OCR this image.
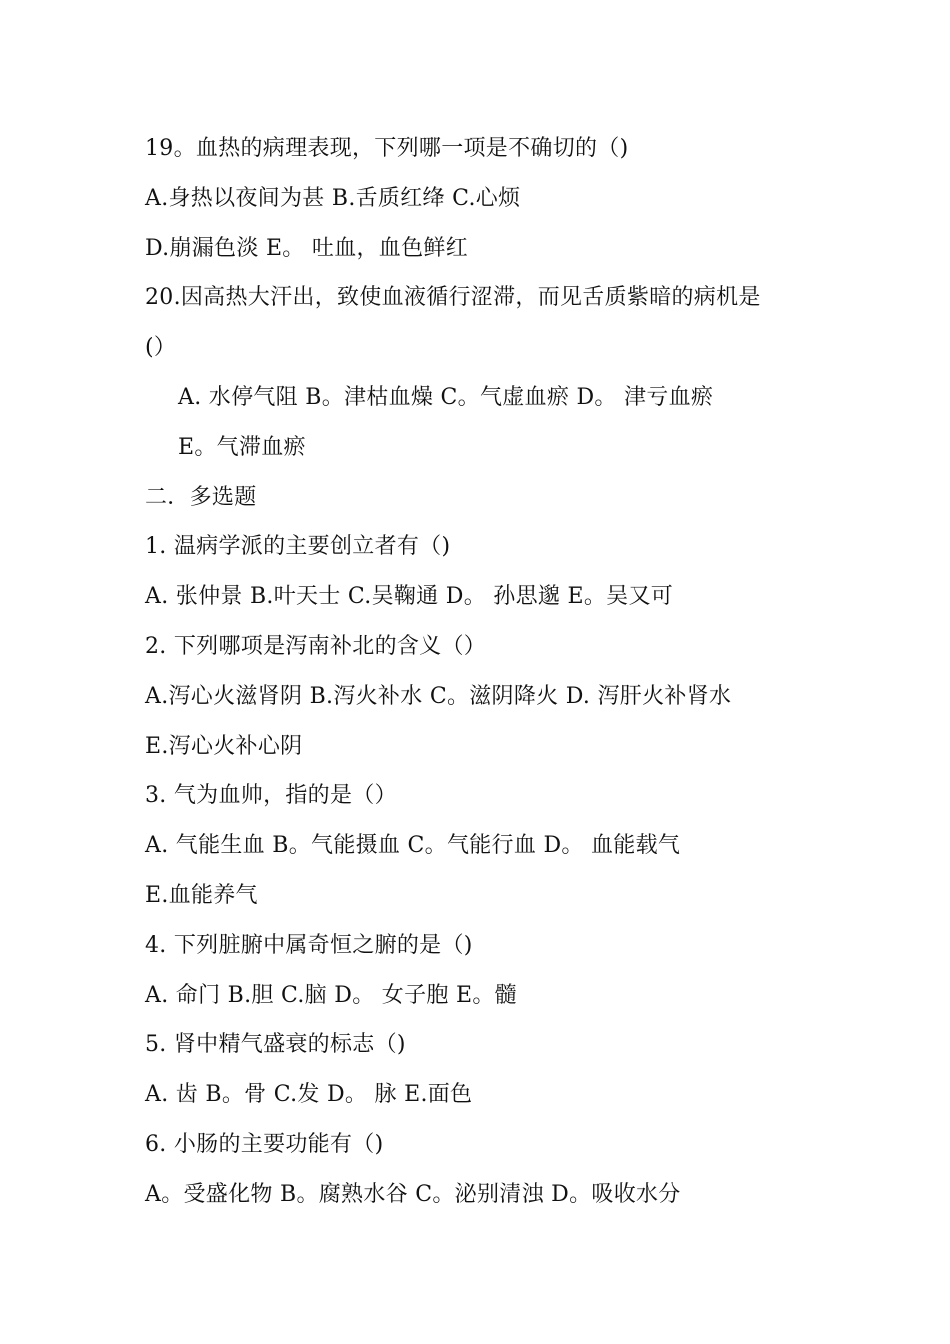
19。血热的病理表现，下列哪一项是不确切的（)
A.身热以夜间为甚 B.舌质红绛 C.心烦
D.崩漏色淡 E。 吐血，血色鲜红
20.因高热大汗出，致使血液循行涩滞，而见舌质紫暗的病机是
(）
A. 水停气阻 B。津枯血燥 C。气虚血瘀 D。 津亏血瘀
E。气滞血瘀
二．多选题
1. 温病学派的主要创立者有（)
A. 张仲景 B.叶天士 C.吴鞠通 D。 孙思邈 E。吴又可
2. 下列哪项是泻南补北的含义（）
A.泻心火滋肾阴 B.泻火补水 C。滋阴降火 D. 泻肝火补肾水
E.泻心火补心阴
3. 气为血帅，指的是（）
A. 气能生血 B。气能摄血 C。气能行血 D。 血能载气
E.血能养气
4. 下列脏腑中属奇恒之腑的是（)
A. 命门 B.胆 C.脑 D。 女子胞 E。髓
5. 肾中精气盛衰的标志（)
A. 齿 B。骨 C.发 D。 脉 E.面色
6. 小肠的主要功能有（)
A。受盛化物 B。腐熟水谷 C。泌别清浊 D。吸收水分
